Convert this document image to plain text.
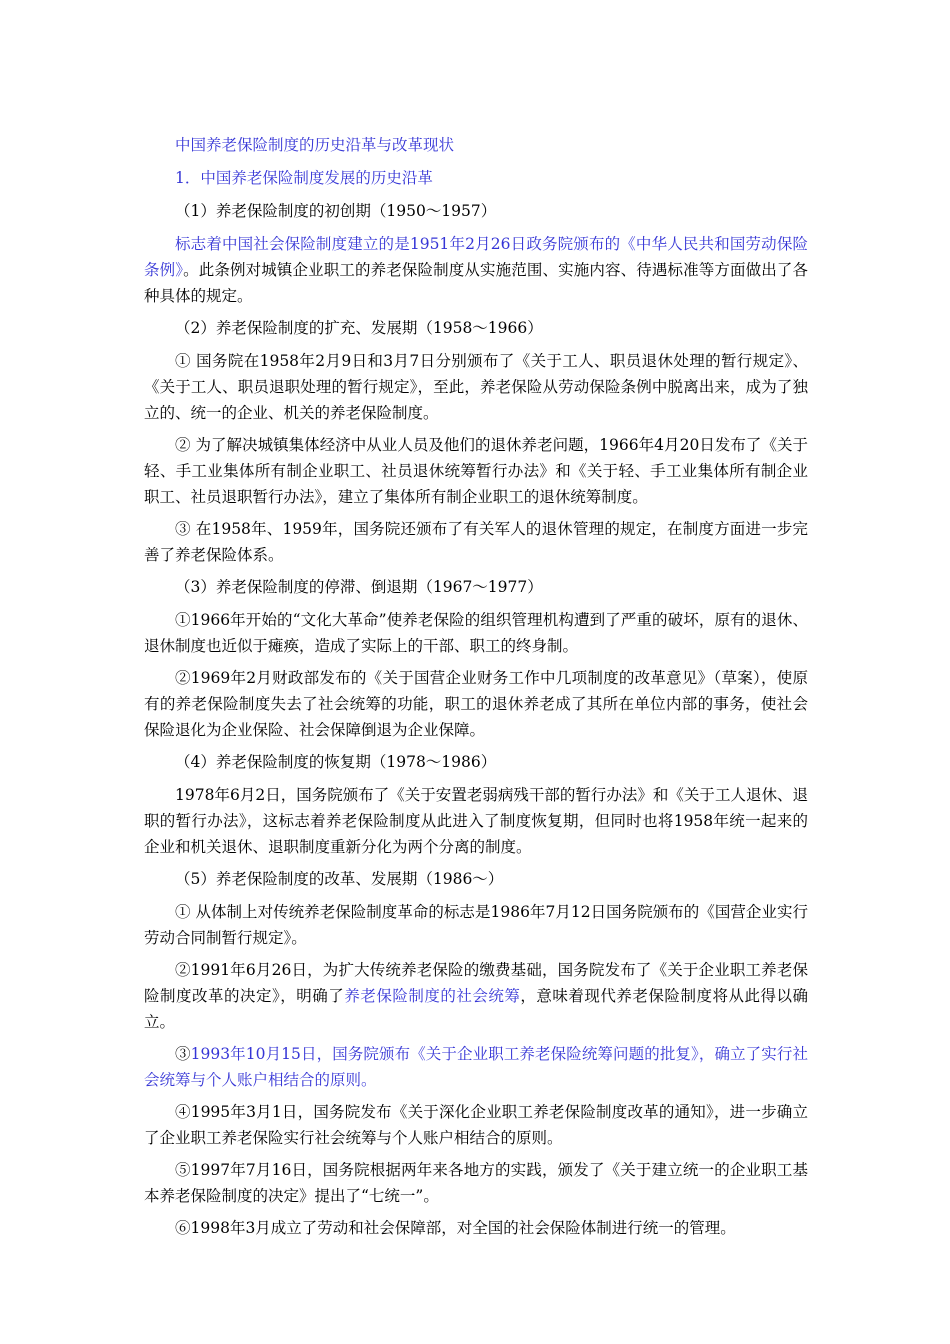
中国养老保险制度的历史沿革与改革现状

1．中国养老保险制度发展的历史沿革

（1）养老保险制度的初创期（1950～1957）

标志着中国社会保险制度建立的是1951年2月26日政务院颁布的《中华人民共和国劳动保险条例》。此条例对城镇企业职工的养老保险制度从实施范围、实施内容、待遇标准等方面做出了各种具体的规定。

（2）养老保险制度的扩充、发展期（1958～1966）

① 国务院在1958年2月9日和3月7日分别颁布了《关于工人、职员退休处理的暂行规定》、《关于工人、职员退职处理的暂行规定》，至此，养老保险从劳动保险条例中脱离出来，成为了独立的、统一的企业、机关的养老保险制度。

② 为了解决城镇集体经济中从业人员及他们的退休养老问题，1966年4月20日发布了《关于轻、手工业集体所有制企业职工、社员退休统筹暂行办法》和《关于轻、手工业集体所有制企业职工、社员退职暂行办法》，建立了集体所有制企业职工的退休统筹制度。

③ 在1958年、1959年，国务院还颁布了有关军人的退休管理的规定，在制度方面进一步完善了养老保险体系。

（3）养老保险制度的停滞、倒退期（1967～1977）

①1966年开始的“文化大革命”使养老保险的组织管理机构遭到了严重的破坏，原有的退休、退休制度也近似于瘫痪，造成了实际上的干部、职工的终身制。

②1969年2月财政部发布的《关于国营企业财务工作中几项制度的改革意见》（草案），使原有的养老保险制度失去了社会统筹的功能，职工的退休养老成了其所在单位内部的事务，使社会保险退化为企业保险、社会保障倒退为企业保障。

（4）养老保险制度的恢复期（1978～1986）

1978年6月2日，国务院颁布了《关于安置老弱病残干部的暂行办法》和《关于工人退休、退职的暂行办法》，这标志着养老保险制度从此进入了制度恢复期，但同时也将1958年统一起来的企业和机关退休、退职制度重新分化为两个分离的制度。

（5）养老保险制度的改革、发展期（1986～）

① 从体制上对传统养老保险制度革命的标志是1986年7月12日国务院颁布的《国营企业实行劳动合同制暂行规定》。

②1991年6月26日，为扩大传统养老保险的缴费基础，国务院发布了《关于企业职工养老保险制度改革的决定》，明确了养老保险制度的社会统筹，意味着现代养老保险制度将从此得以确立。

③1993年10月15日，国务院颁布《关于企业职工养老保险统筹问题的批复》，确立了实行社会统筹与个人账户相结合的原则。

④1995年3月1日，国务院发布《关于深化企业职工养老保险制度改革的通知》，进一步确立了企业职工养老保险实行社会统筹与个人账户相结合的原则。

⑤1997年7月16日，国务院根据两年来各地方的实践，颁发了《关于建立统一的企业职工基本养老保险制度的决定》提出了“七统一”。

⑥1998年3月成立了劳动和社会保障部，对全国的社会保险体制进行统一的管理。
